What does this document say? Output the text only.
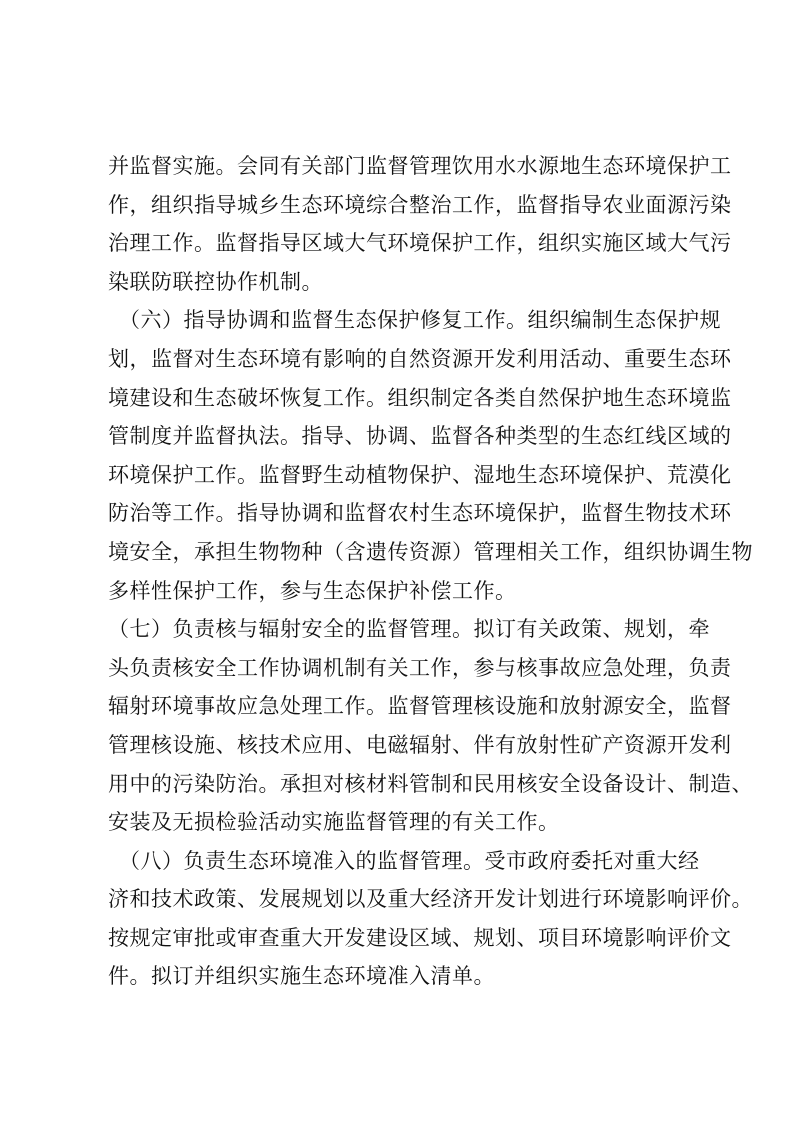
并监督实施。会同有关部门监督管理饮用水水源地生态环境保护工
作，组织指导城乡生态环境综合整治工作，监督指导农业面源污染
治理工作。监督指导区域大气环境保护工作，组织实施区域大气污
染联防联控协作机制。
　（六）指导协调和监督生态保护修复工作。组织编制生态保护规
划，监督对生态环境有影响的自然资源开发利用活动、重要生态环
境建设和生态破坏恢复工作。组织制定各类自然保护地生态环境监
管制度并监督执法。指导、协调、监督各种类型的生态红线区域的
环境保护工作。监督野生动植物保护、湿地生态环境保护、荒漠化
防治等工作。指导协调和监督农村生态环境保护，监督生物技术环
境安全，承担生物物种（含遗传资源）管理相关工作，组织协调生物
多样性保护工作，参与生态保护补偿工作。
（七）负责核与辐射安全的监督管理。拟订有关政策、规划，牵
头负责核安全工作协调机制有关工作，参与核事故应急处理，负责
辐射环境事故应急处理工作。监督管理核设施和放射源安全，监督
管理核设施、核技术应用、电磁辐射、伴有放射性矿产资源开发利
用中的污染防治。承担对核材料管制和民用核安全设备设计、制造、
安装及无损检验活动实施监督管理的有关工作。
　（八）负责生态环境准入的监督管理。受市政府委托对重大经
济和技术政策、发展规划以及重大经济开发计划进行环境影响评价。
按规定审批或审查重大开发建设区域、规划、项目环境影响评价文
件。拟订并组织实施生态环境准入清单。
